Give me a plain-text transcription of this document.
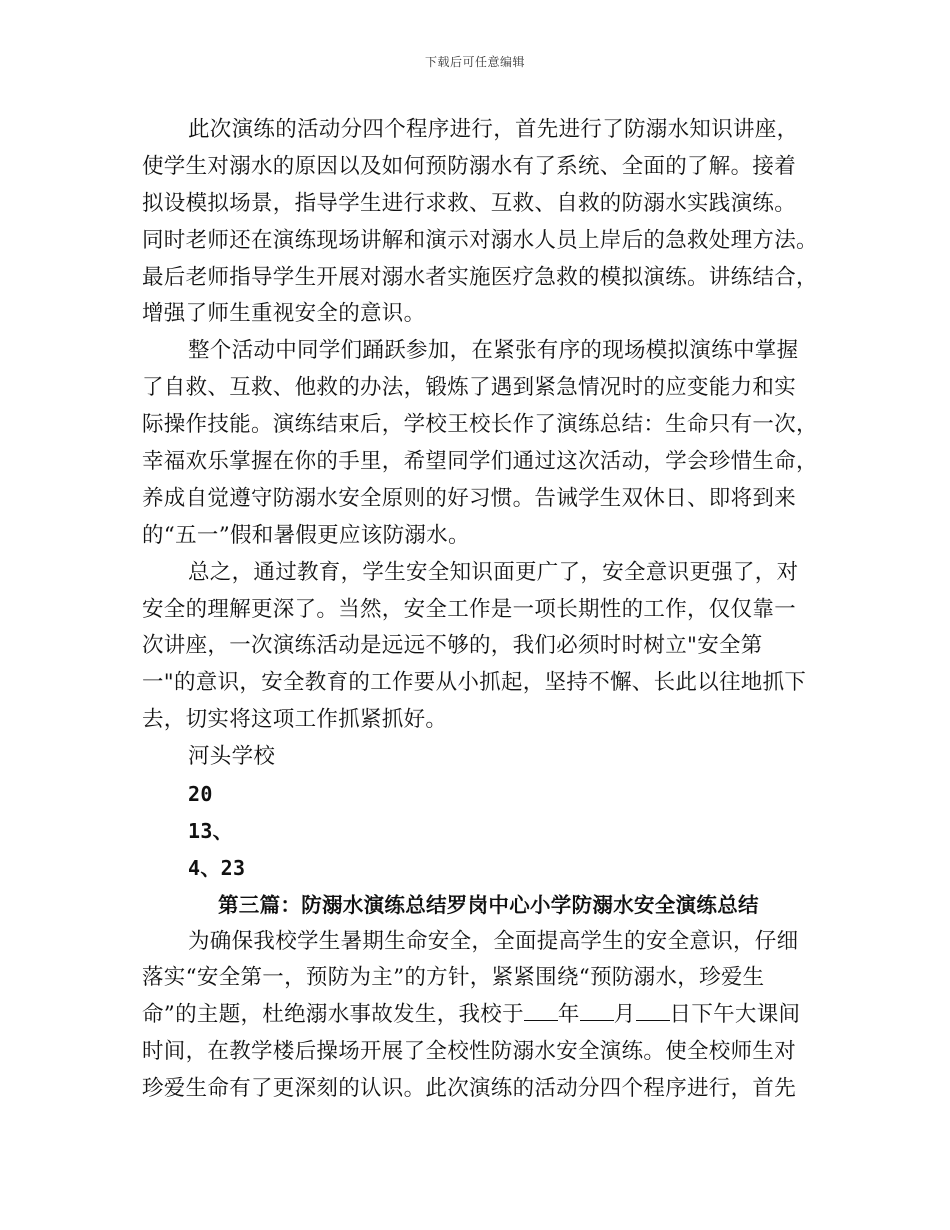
下载后可任意编辑
此次演练的活动分四个程序进行，首先进行了防溺水知识讲座，
使学生对溺水的原因以及如何预防溺水有了系统、全面的了解。接着
拟设模拟场景，指导学生进行求救、互救、自救的防溺水实践演练。
同时老师还在演练现场讲解和演示对溺水人员上岸后的急救处理方法。
最后老师指导学生开展对溺水者实施医疗急救的模拟演练。讲练结合，
增强了师生重视安全的意识。
整个活动中同学们踊跃参加，在紧张有序的现场模拟演练中掌握
了自救、互救、他救的办法，锻炼了遇到紧急情况时的应变能力和实
际操作技能。演练结束后，学校王校长作了演练总结：生命只有一次，
幸福欢乐掌握在你的手里，希望同学们通过这次活动，学会珍惜生命，
养成自觉遵守防溺水安全原则的好习惯。告诫学生双休日、即将到来
的“五一”假和暑假更应该防溺水。
总之，通过教育，学生安全知识面更广了，安全意识更强了，对
安全的理解更深了。当然，安全工作是一项长期性的工作，仅仅靠一
次讲座，一次演练活动是远远不够的，我们必须时时树立"安全第
一"的意识，安全教育的工作要从小抓起，坚持不懈、长此以往地抓下
去，切实将这项工作抓紧抓好。
河头学校
20
13、
4、23
第三篇：防溺水演练总结罗岗中心小学防溺水安全演练总结
为确保我校学生暑期生命安全，全面提高学生的安全意识，仔细
落实“安全第一，预防为主”的方针，紧紧围绕“预防溺水，珍爱生
命”的主题，杜绝溺水事故发生，我校于 年 月 日下午大课间
时间，在教学楼后操场开展了全校性防溺水安全演练。使全校师生对
珍爱生命有了更深刻的认识。此次演练的活动分四个程序进行，首先
